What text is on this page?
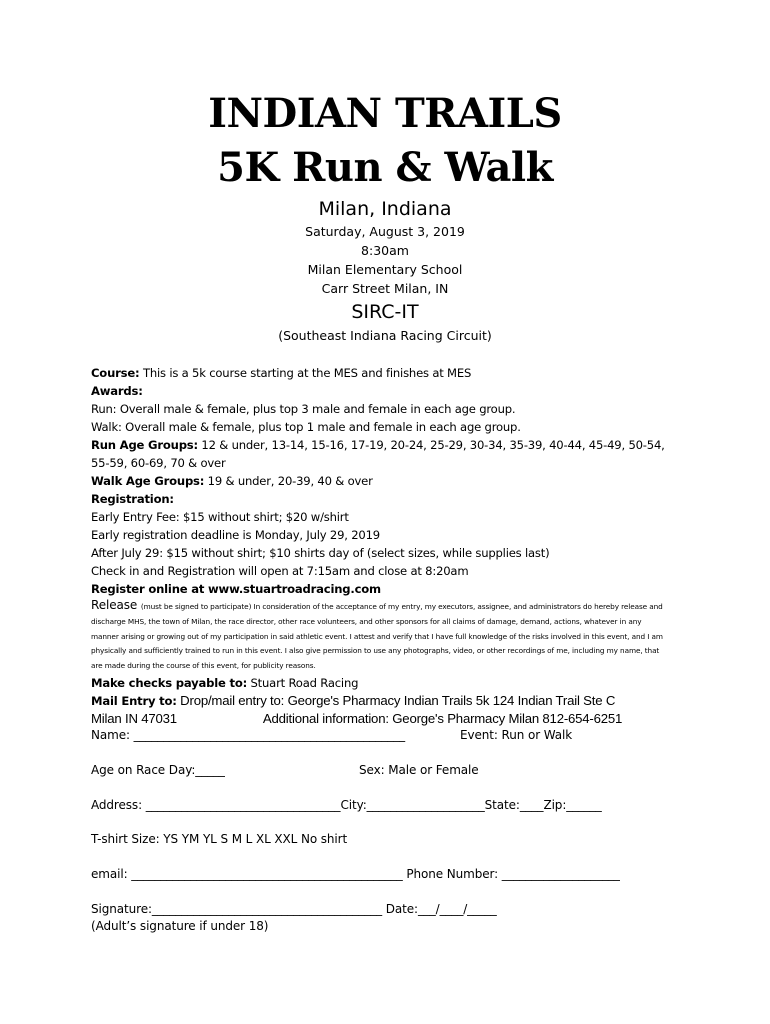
INDIAN TRAILS
5K Run & Walk
Milan, Indiana
Saturday, August 3, 2019
8:30am
Milan Elementary School
Carr Street Milan, IN
SIRC-IT
(Southeast Indiana Racing Circuit)
Course: This is a 5k course starting at the MES and finishes at MES
Awards:
Run: Overall male & female, plus top 3 male and female in each age group.
Walk: Overall male & female, plus top 1 male and female in each age group.
Run Age Groups: 12 & under, 13-14, 15-16, 17-19, 20-24, 25-29, 30-34, 35-39, 40-44, 45-49, 50-54, 55-59, 60-69, 70 & over
Walk Age Groups: 19 & under, 20-39, 40 & over
Registration:
Early Entry Fee: $15 without shirt; $20 w/shirt
Early registration deadline is Monday, July 29, 2019
After July 29: $15 without shirt; $10 shirts day of (select sizes, while supplies last)
Check in and Registration will open at 7:15am and close at 8:20am
Register online at www.stuartroadracing.com
Release (must be signed to participate) In consideration of the acceptance of my entry, my executors, assignee, and administrators do hereby release and discharge MHS, the town of Milan, the race director, other race volunteers, and other sponsors for all claims of damage, demand, actions, whatever in any manner arising or growing out of my participation in said athletic event. I attest and verify that I have full knowledge of the risks involved in this event, and I am physically and sufficiently trained to run in this event. I also give permission to use any photographs, video, or other recordings of me, including my name, that are made during the course of this event, for publicity reasons.
Make checks payable to: Stuart Road Racing
Mail Entry to: Drop/mail entry to: George's Pharmacy Indian Trails 5k 124 Indian Trail Ste C
Milan IN 47031	Additional information: George's Pharmacy Milan 812-654-6251
Name: ______________________________________________	Event: Run or Walk
Age on Race Day:_____	Sex: Male or Female
Address: _________________________________City:____________________State:____Zip:______
T-shirt Size: YS YM YL S M L XL XXL No shirt
email: ______________________________________________ Phone Number: ____________________
Signature:_______________________________________ Date:___/____/_____
(Adult’s signature if under 18)
